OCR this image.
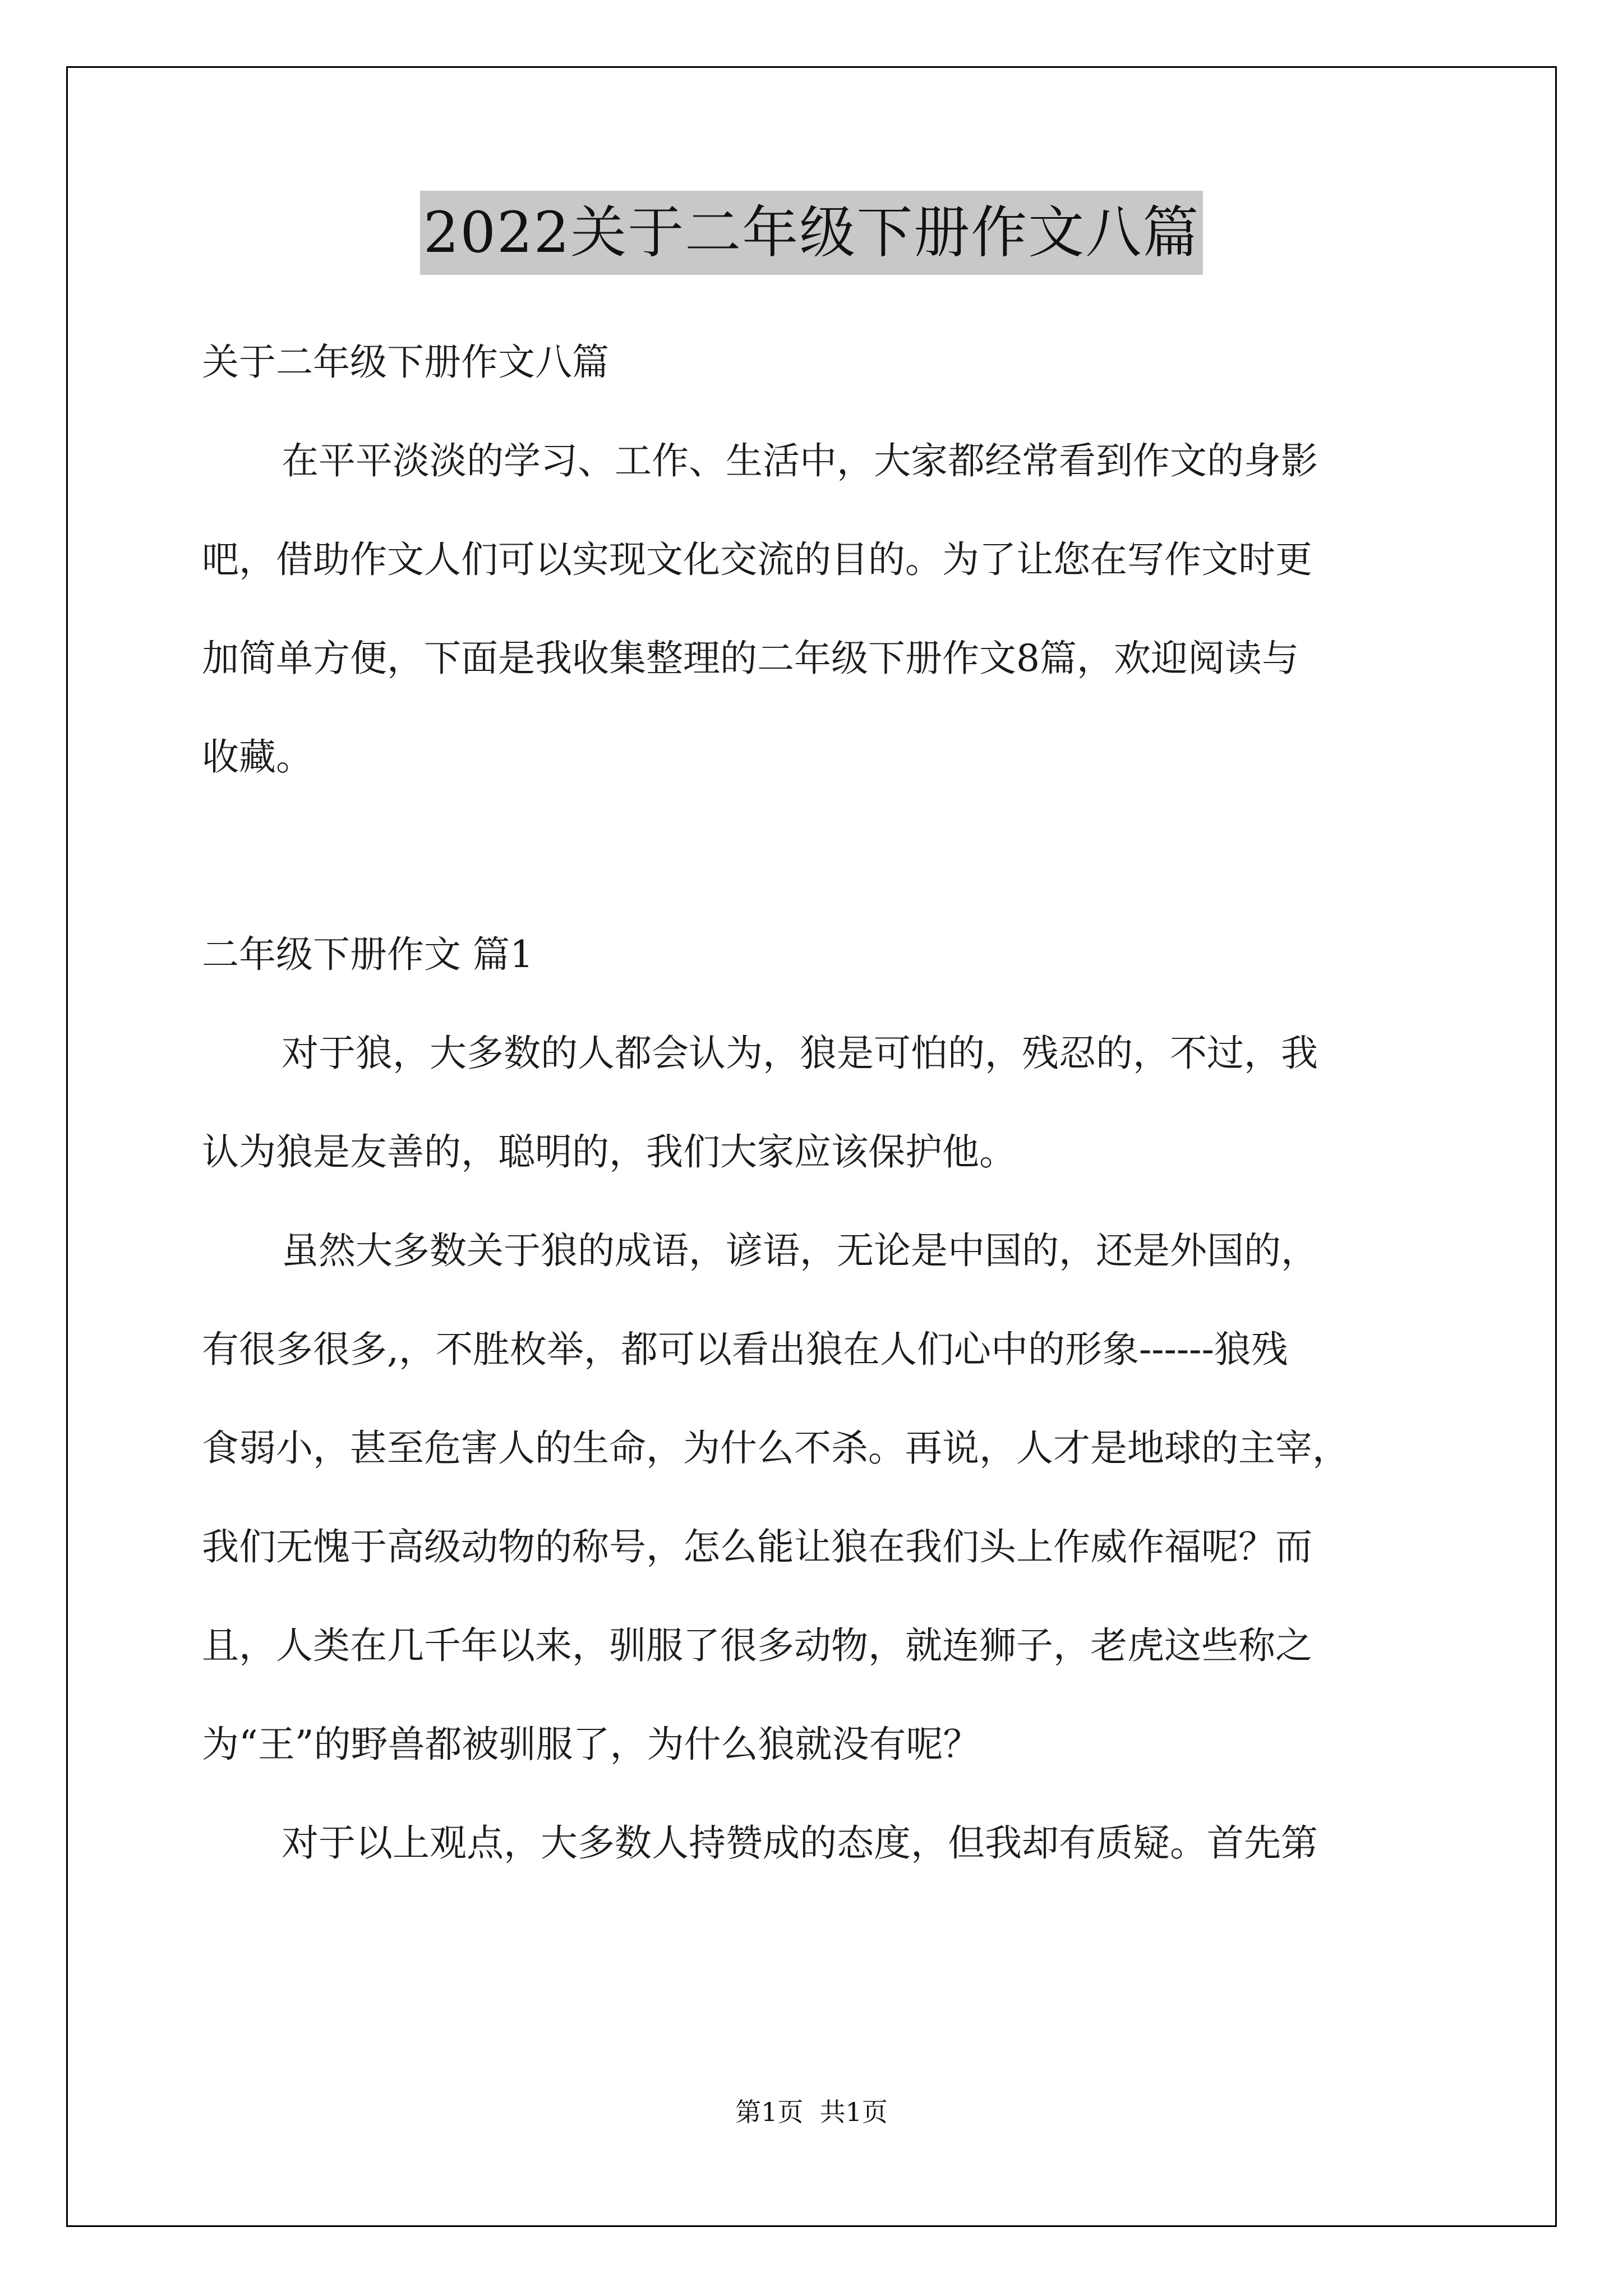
2022关于二年级下册作文八篇
关于二年级下册作文八篇
在平平淡淡的学习、工作、生活中，大家都经常看到作文的身影
吧，借助作文人们可以实现文化交流的目的。为了让您在写作文时更
加简单方便，下面是我收集整理的二年级下册作文8篇，欢迎阅读与
收藏。
二年级下册作文 篇1
对于狼，大多数的人都会认为，狼是可怕的，残忍的，不过，我
认为狼是友善的，聪明的，我们大家应该保护他。
虽然大多数关于狼的成语，谚语，无论是中国的，还是外国的，
有很多很多,，不胜枚举，都可以看出狼在人们心中的形象------狼残
食弱小，甚至危害人的生命，为什么不杀。再说，人才是地球的主宰，
我们无愧于高级动物的称号，怎么能让狼在我们头上作威作福呢？而
且，人类在几千年以来，驯服了很多动物，就连狮子，老虎这些称之
为“王”的野兽都被驯服了，为什么狼就没有呢？
对于以上观点，大多数人持赞成的态度，但我却有质疑。首先第
第1页  共1页
